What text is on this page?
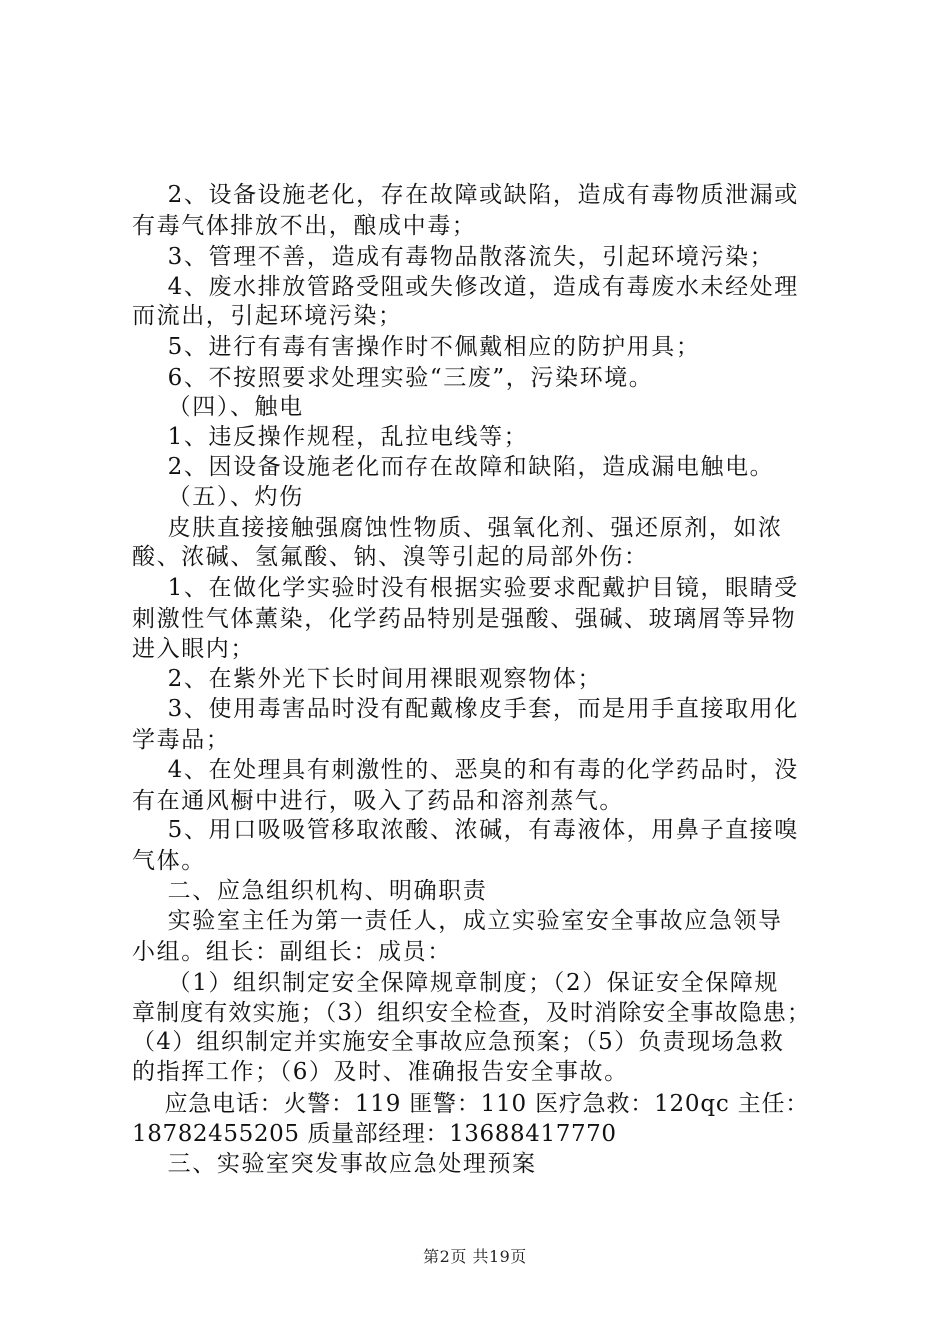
2、设备设施老化，存在故障或缺陷，造成有毒物质泄漏或
有毒气体排放不出，酿成中毒；
3、管理不善，造成有毒物品散落流失，引起环境污染；
4、废水排放管路受阻或失修改道，造成有毒废水未经处理
而流出，引起环境污染；
5、进行有毒有害操作时不佩戴相应的防护用具；
6、不按照要求处理实验“三废”，污染环境。
（四）、触电
1、违反操作规程，乱拉电线等；
2、因设备设施老化而存在故障和缺陷，造成漏电触电。
（五）、灼伤
皮肤直接接触强腐蚀性物质、强氧化剂、强还原剂，如浓
酸、浓碱、氢氟酸、钠、溴等引起的局部外伤：
1、在做化学实验时没有根据实验要求配戴护目镜，眼睛受
刺激性气体薰染，化学药品特别是强酸、强碱、玻璃屑等异物
进入眼内；
2、在紫外光下长时间用裸眼观察物体；
3、使用毒害品时没有配戴橡皮手套，而是用手直接取用化
学毒品；
4、在处理具有刺激性的、恶臭的和有毒的化学药品时，没
有在通风橱中进行，吸入了药品和溶剂蒸气。
5、用口吸吸管移取浓酸、浓碱，有毒液体，用鼻子直接嗅
气体。
二、应急组织机构、明确职责
实验室主任为第一责任人，成立实验室安全事故应急领导
小组。组长：副组长：成员：
（1）组织制定安全保障规章制度；（2）保证安全保障规
章制度有效实施；（3）组织安全检查，及时消除安全事故隐患；
（4）组织制定并实施安全事故应急预案；（5）负责现场急救
的指挥工作；（6）及时、准确报告安全事故。
应急电话：火警：119 匪警：110 医疗急救：120qc 主任：
18782455205 质量部经理：13688417770
三、实验室突发事故应急处理预案
第2页 共19页
